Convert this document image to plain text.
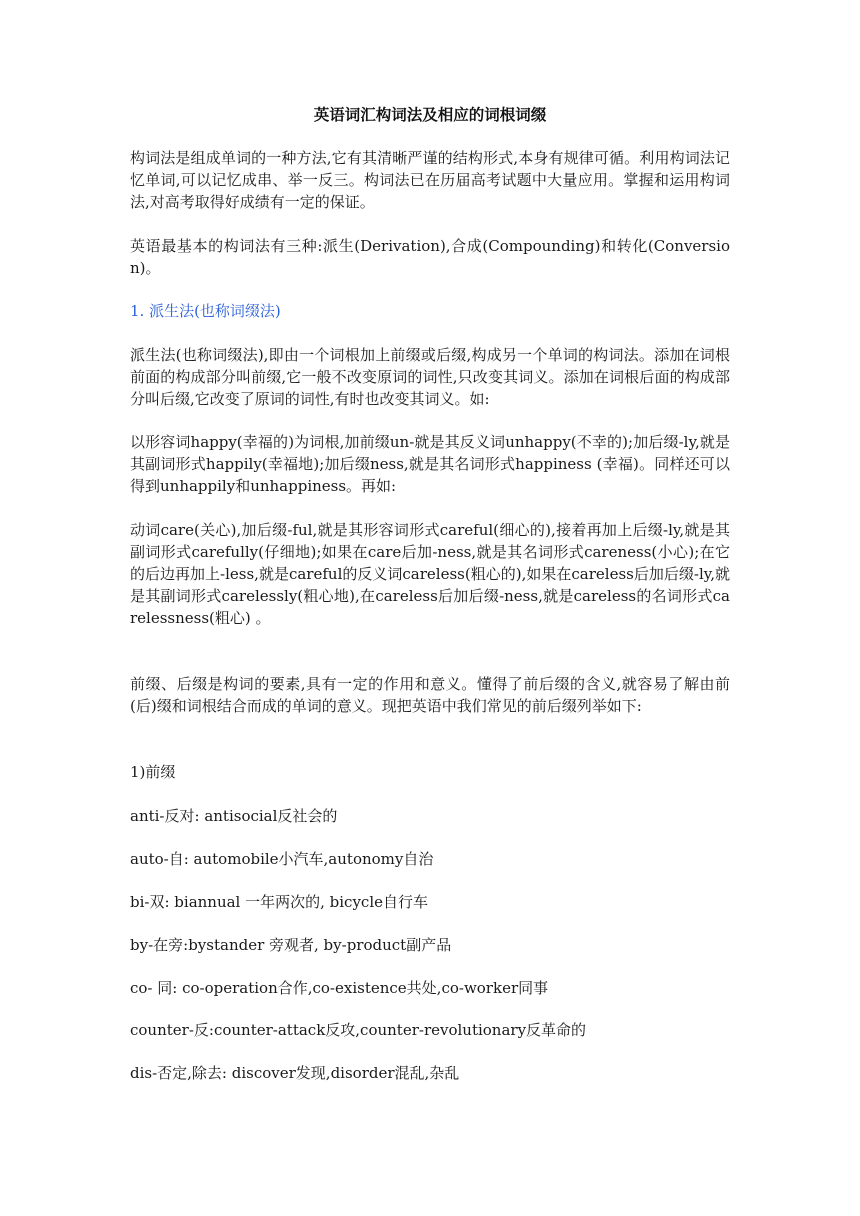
英语词汇构词法及相应的词根词缀

构词法是组成单词的一种方法,它有其清晰严谨的结构形式,本身有规律可循。利用构词法记忆单词,可以记忆成串、举一反三。构词法已在历届高考试题中大量应用。掌握和运用构词法,对高考取得好成绩有一定的保证。

英语最基本的构词法有三种:派生(Derivation),合成(Compounding)和转化(Conversion)。

1. 派生法(也称词缀法)

派生法(也称词缀法),即由一个词根加上前缀或后缀,构成另一个单词的构词法。添加在词根前面的构成部分叫前缀,它一般不改变原词的词性,只改变其词义。添加在词根后面的构成部分叫后缀,它改变了原词的词性,有时也改变其词义。如:

以形容词happy(幸福的)为词根,加前缀un-就是其反义词unhappy(不幸的);加后缀-ly,就是其副词形式happily(幸福地);加后缀ness,就是其名词形式happiness (幸福)。同样还可以得到unhappily和unhappiness。再如:

动词care(关心),加后缀-ful,就是其形容词形式careful(细心的),接着再加上后缀-ly,就是其副词形式carefully(仔细地);如果在care后加-ness,就是其名词形式careness(小心);在它的后边再加上-less,就是careful的反义词careless(粗心的),如果在careless后加后缀-ly,就是其副词形式carelessly(粗心地),在careless后加后缀-ness,就是careless的名词形式carelessness(粗心) 。

前缀、后缀是构词的要素,具有一定的作用和意义。懂得了前后缀的含义,就容易了解由前(后)缀和词根结合而成的单词的意义。现把英语中我们常见的前后缀列举如下:

1)前缀

anti-反对: antisocial反社会的

auto-自: automobile小汽车,autonomy自治

bi-双: biannual 一年两次的, bicycle自行车

by-在旁:bystander 旁观者, by-product副产品

co- 同: co-operation合作,co-existence共处,co-worker同事

counter-反:counter-attack反攻,counter-revolutionary反革命的

dis-否定,除去: discover发现,disorder混乱,杂乱
